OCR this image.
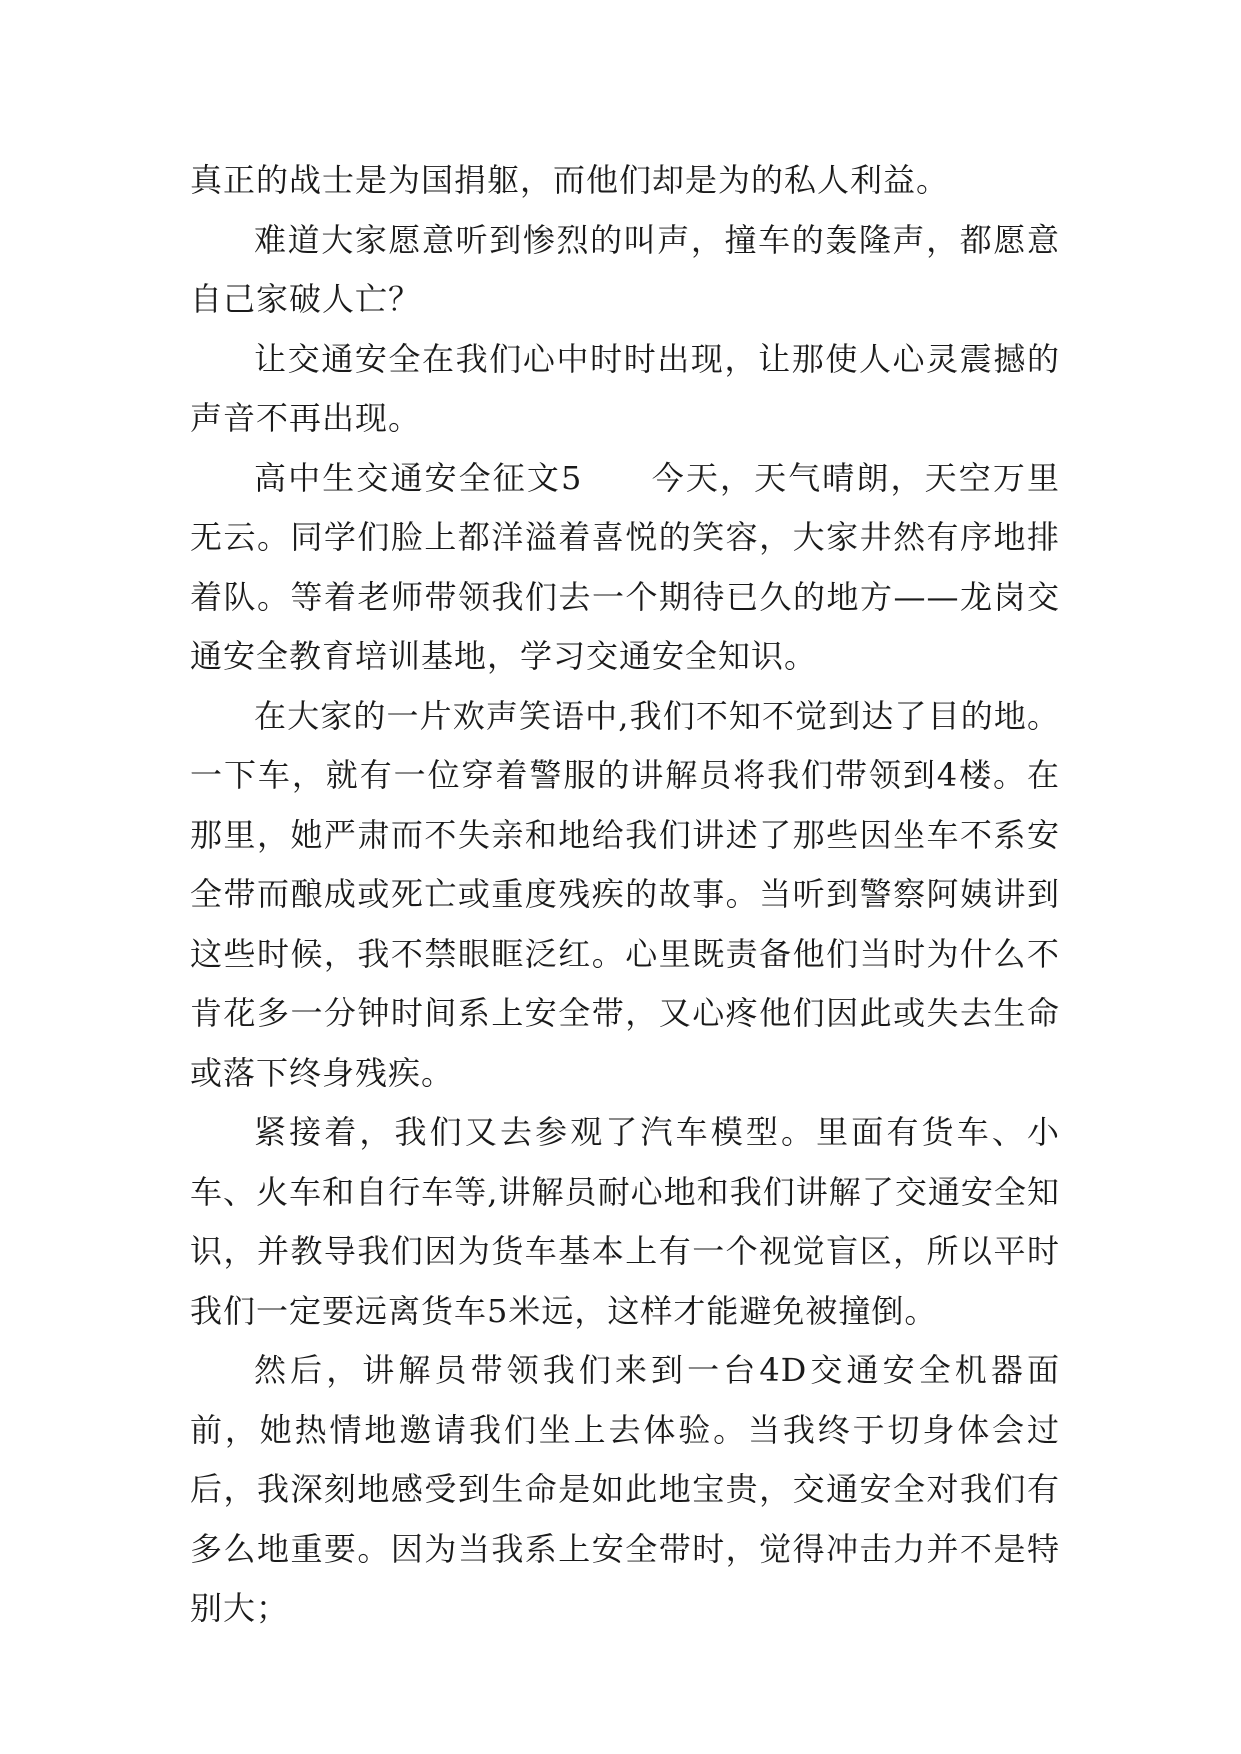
真正的战士是为国捐躯，而他们却是为的私人利益。

难道大家愿意听到惨烈的叫声，撞车的轰隆声，都愿意自己家破人亡？

让交通安全在我们心中时时出现，让那使人心灵震撼的声音不再出现。

高中生交通安全征文5　　今天，天气晴朗，天空万里无云。同学们脸上都洋溢着喜悦的笑容，大家井然有序地排着队。等着老师带领我们去一个期待已久的地方——龙岗交通安全教育培训基地，学习交通安全知识。

在大家的一片欢声笑语中,我们不知不觉到达了目的地。一下车，就有一位穿着警服的讲解员将我们带领到4楼。在那里，她严肃而不失亲和地给我们讲述了那些因坐车不系安全带而酿成或死亡或重度残疾的故事。当听到警察阿姨讲到这些时候，我不禁眼眶泛红。心里既责备他们当时为什么不肯花多一分钟时间系上安全带，又心疼他们因此或失去生命或落下终身残疾。

紧接着，我们又去参观了汽车模型。里面有货车、小车、火车和自行车等,讲解员耐心地和我们讲解了交通安全知识，并教导我们因为货车基本上有一个视觉盲区，所以平时我们一定要远离货车5米远，这样才能避免被撞倒。

然后，讲解员带领我们来到一台4D交通安全机器面前，她热情地邀请我们坐上去体验。当我终于切身体会过后，我深刻地感受到生命是如此地宝贵，交通安全对我们有多么地重要。因为当我系上安全带时，觉得冲击力并不是特别大；
